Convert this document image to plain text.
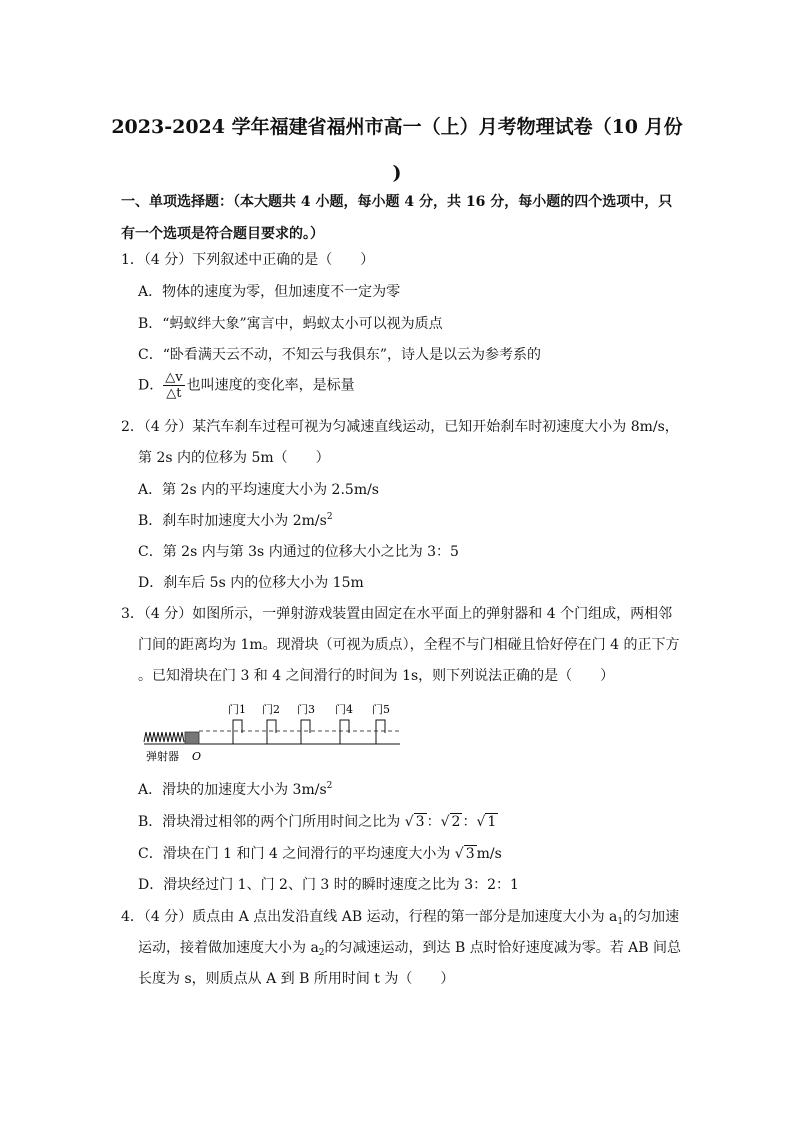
2023-2024 学年福建省福州市高一（上）月考物理试卷（10 月份
)
一、单项选择题：（本大题共 4 小题，每小题 4 分，共 16 分，每小题的四个选项中，只有一个选项是符合题目要求的。）
1．（4 分）下列叙述中正确的是（　　）
A．物体的速度为零，但加速度不一定为零
B．“蚂蚁绊大象”寓言中，蚂蚁太小可以视为质点
C．“卧看满天云不动，不知云与我俱东”，诗人是以云为参考系的
D． $\frac{\triangle v}{\triangle t}$ 也叫速度的变化率，是标量
2．（4 分）某汽车刹车过程可视为匀减速直线运动，已知开始刹车时初速度大小为 8m/s，
第 2s 内的位移为 5m（　　）
A．第 2s 内的平均速度大小为 2.5m/s
B．刹车时加速度大小为 $2m/s^2$
C．第 2s 内与第 3s 内通过的位移大小之比为 3：5
D．刹车后 5s 内的位移大小为 15m
3．（4 分）如图所示，一弹射游戏装置由固定在水平面上的弹射器和 4 个门组成，两相邻
门间的距离均为 1m。现滑块（可视为质点），全程不与门相碰且恰好停在门 4 的正下方
。已知滑块在门 3 和 4 之间滑行的时间为 1s，则下列说法正确的是（　　）
门1 门2 门3 门4 门5
弹射器 O
A．滑块的加速度大小为 $3m/s^2$
B．滑块滑过相邻的两个门所用时间之比为 √ 3 ：√ 2 ：√ 1
C．滑块在门 1 和门 4 之间滑行的平均速度大小为 √ 3 m/s
D．滑块经过门 1、门 2、门 3 时的瞬时速度之比为 3：2：1
4．（4 分）质点由 A 点出发沿直线 AB 运动，行程的第一部分是加速度大小为 $a_1$的匀加速
运动，接着做加速度大小为 $a_2$的匀减速运动，到达 B 点时恰好速度减为零。若 AB 间总
长度为 s，则质点从 A 到 B 所用时间 t 为（　　）
